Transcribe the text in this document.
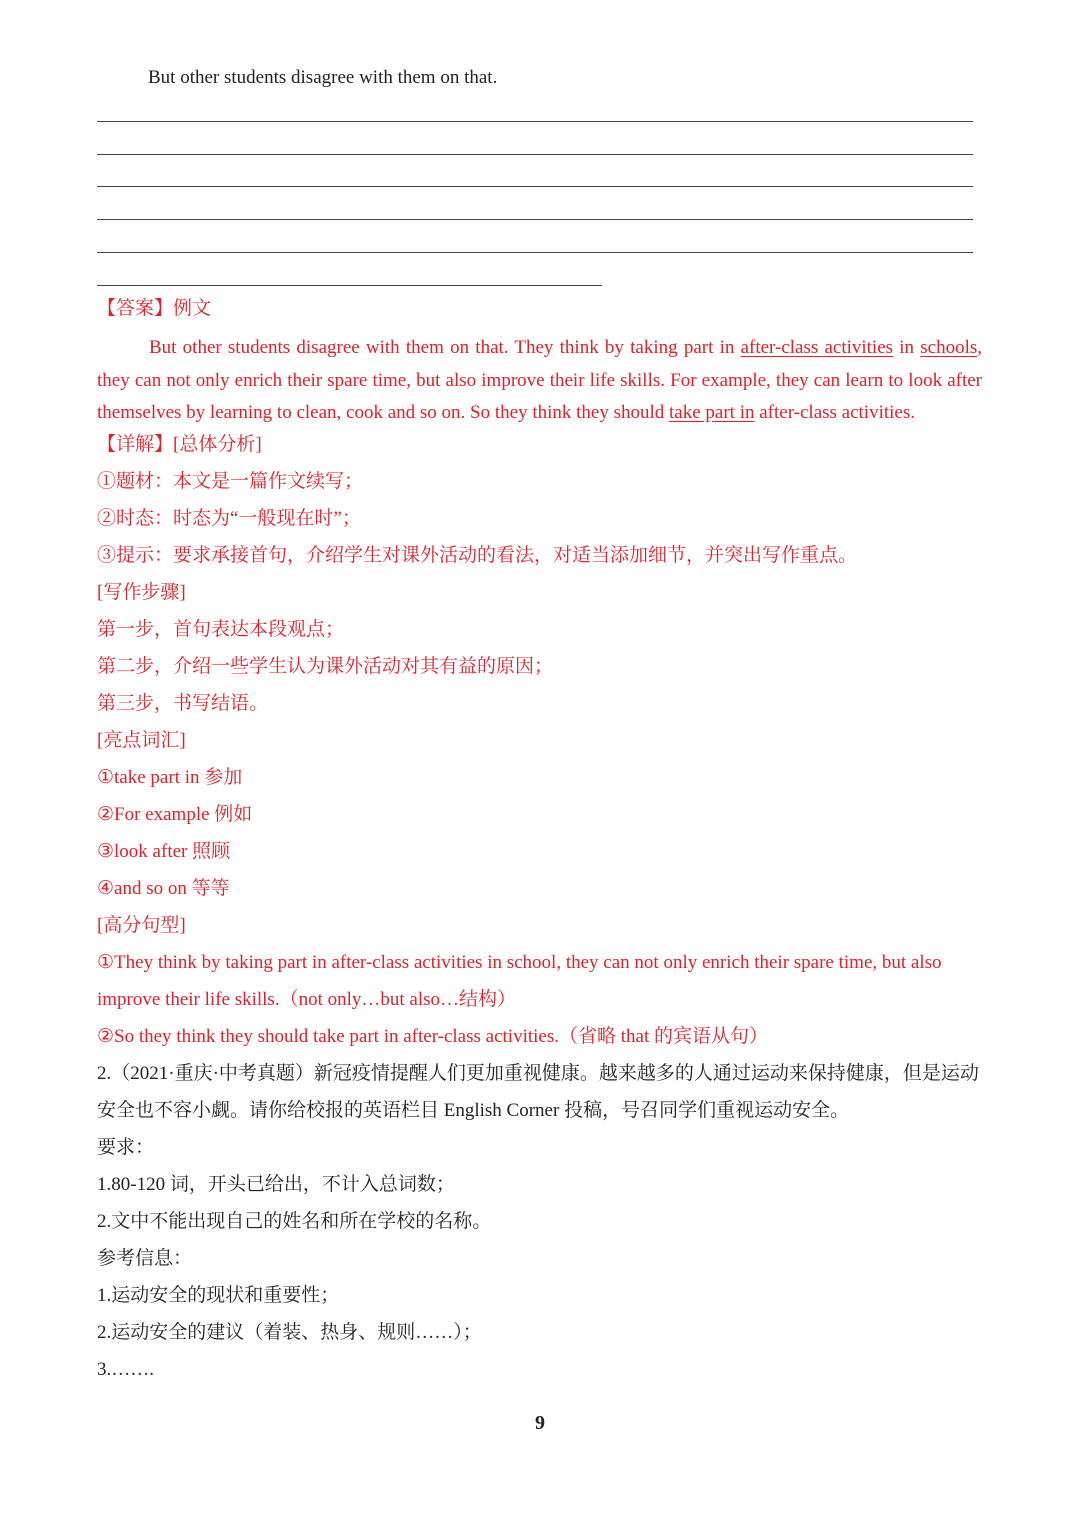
But other students disagree with them on that.
【答案】例文
But other students disagree with them on that. They think by taking part in after-class activities in schools, they can not only enrich their spare time, but also improve their life skills. For example, they can learn to look after themselves by learning to clean, cook and so on. So they think they should take part in after-class activities.
【详解】[总体分析]
①题材：本文是一篇作文续写；
②时态：时态为“一般现在时”；
③提示：要求承接首句，介绍学生对课外活动的看法，对适当添加细节，并突出写作重点。
[写作步骤]
第一步，首句表达本段观点；
第二步，介绍一些学生认为课外活动对其有益的原因；
第三步，书写结语。
[亮点词汇]
①take part in 参加
②For example 例如
③look after 照顾
④and so on 等等
[高分句型]
①They think by taking part in after-class activities in school, they can not only enrich their spare time, but also
improve their life skills.（not only…but also…结构）
②So they think they should take part in after-class activities.（省略 that 的宾语从句）
2.（2021·重庆·中考真题）新冠疫情提醒人们更加重视健康。越来越多的人通过运动来保持健康，但是运动
安全也不容小觑。请你给校报的英语栏目 English Corner 投稿，号召同学们重视运动安全。
要求：
1.80-120 词，开头已给出，不计入总词数；
2.文中不能出现自己的姓名和所在学校的名称。
参考信息：
1.运动安全的现状和重要性；
2.运动安全的建议（着装、热身、规则……）；
3.…….
9
